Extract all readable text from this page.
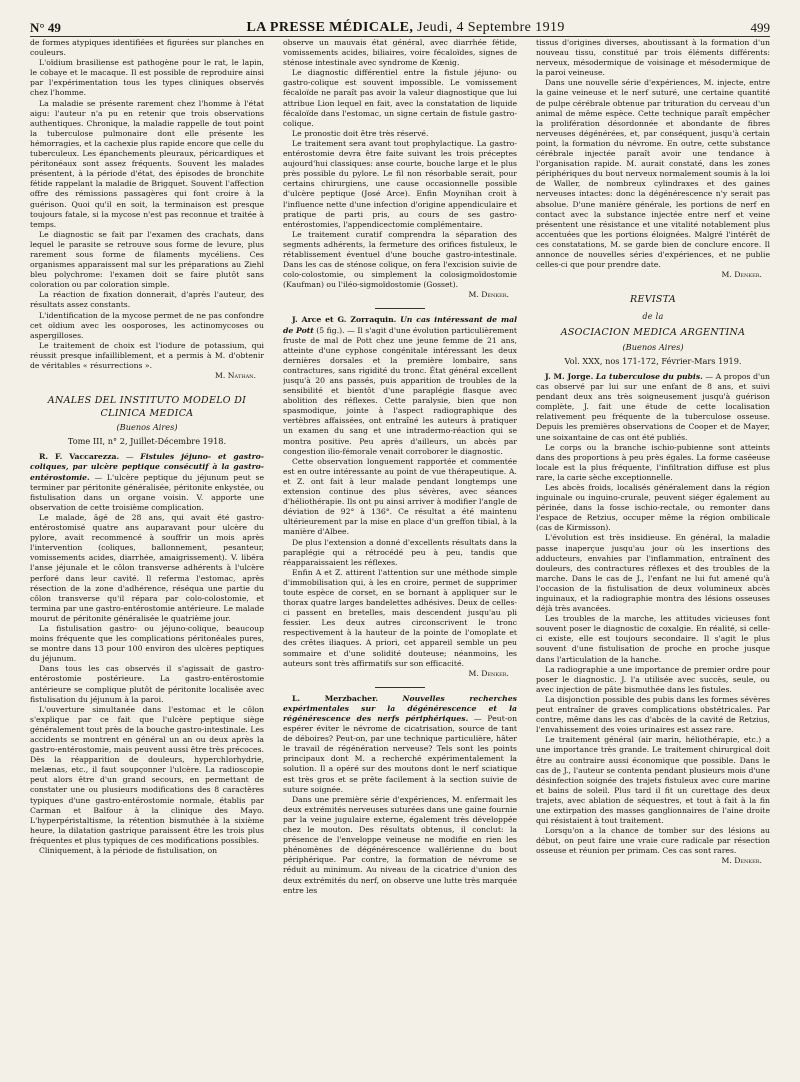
N° 49	LA PRESSE MÉDICALE, Jeudi, 4 Septembre 1919	499

de formes atypiques identifiées et figurées sur planches en couleurs.

L'oïdium brasiliense est pathogène pour le rat, le lapin, le cobaye et le macaque. Il est possible de reproduire ainsi par l'expérimentation tous les types cliniques observés chez l'homme.

La maladie se présente rarement chez l'homme à l'état aigu: l'auteur n'a pu en retenir que trois observations authentiques. Chronique, la maladie rappelle de tout point la tuberculose pulmonaire dont elle présente les hémorragies, et la cachexie plus rapide encore que celle du tuberculeux. Les épanchements pleuraux, péricardiques et péritonéaux sont assez fréquents. Souvent les malades présentent, à la période d'état, des épisodes de bronchite fétide rappelant la maladie de Brigquet. Souvent l'affection offre des rémissions passagères qui font croire à la guérison. Quoi qu'il en soit, la terminaison est presque toujours fatale, si la mycose n'est pas reconnue et traitée à temps.

Le diagnostic se fait par l'examen des crachats, dans lequel le parasite se retrouve sous forme de levure, plus rarement sous forme de filaments mycéliens. Ces organismes apparaissent mal sur les préparations au Ziehl bleu polychrome: l'examen doit se faire plutôt sans coloration ou par coloration simple.

La réaction de fixation donnerait, d'après l'auteur, des résultats assez constants.

L'identification de la mycose permet de ne pas confondre cet oïdium avec les oosporoses, les actinomycoses ou aspergilloses.

Le traitement de choix est l'iodure de potassium, qui réussit presque infailliblement, et a permis à M. d'obtenir de véritables « résurrections ».

M. Nathan.

ANALES DEL INSTITUTO MODELO DI CLINICA MEDICA
(Buenos Aires)
Tome III, n° 2, Juillet-Décembre 1918.

R. F. Vaccarezza. — Fistules jéjuno- et gastro-coliques, par ulcère peptique consécutif à la gastro-entérostomie. — L'ulcère peptique du jéjunum peut se terminer par péritonite généralisée, péritonite enkystée, ou fistulisation dans un organe voisin. V. apporte une observation de cette troisième complication.

Le malade, âgé de 28 ans, qui avait été gastro-entérostomisé quatre ans auparavant pour ulcère du pylore, avait recommencé à souffrir un mois après l'intervention (coliques, ballonnement, pesanteur, vomissements acides, diarrhée, amaigrissement). V. libéra l'anse jéjunale et le côlon transverse adhérents à l'ulcère perforé dans leur cavité. Il referma l'estomac, après résection de la zone d'adhérence, réséqua une partie du côlon transverse qu'il répara par colo-colostomie, et termina par une gastro-entérostomie antérieure. Le malade mourut de péritonite généralisée le quatrième jour.

La fistulisation gastro- ou jéjuno-colique, beaucoup moins fréquente que les complications péritonéales pures, se montre dans 13 pour 100 environ des ulcères peptiques du jéjunum.

Dans tous les cas observés il s'agissait de gastro-entérostomie postérieure. La gastro-entérostomie antérieure se complique plutôt de péritonite localisée avec fistulisation du jéjunum à la paroi.

L'ouverture simultanée dans l'estomac et le côlon s'explique par ce fait que l'ulcère peptique siège généralement tout près de la bouche gastro-intestinale. Les accidents se montrent en général un an ou deux après la gastro-entérostomie, mais peuvent aussi être très précoces. Dès la réapparition de douleurs, hyperchlorhydrie, melænas, etc., il faut soupçonner l'ulcère. La radioscopie peut alors être d'un grand secours, en permettant de constater une ou plusieurs modifications des 8 caractères typiques d'une gastro-entérostomie normale, établis par Carman et Balfour à la clinique des Mayo. L'hyperpéristaltisme, la rétention bismuthée à la sixième heure, la dilatation gastrique paraissent être les trois plus fréquentes et plus typiques de ces modifications possibles.

Cliniquement, à la période de fistulisation, on

observe un mauvais état général, avec diarrhée fétide, vomissements acides, biliaires, voire fécaloïdes, signes de sténose intestinale avec syndrome de Kœnig.

Le diagnostic différentiel entre la fistule jéjuno- ou gastro-colique est souvent impossible. Le vomissement fécaloïde ne paraît pas avoir la valeur diagnostique que lui attribue Lion lequel en fait, avec la constatation de liquide fécaloïde dans l'estomac, un signe certain de fistule gastro-colique.

Le pronostic doit être très réservé.

Le traitement sera avant tout prophylactique. La gastro-entérostomie devra être faite suivant les trois préceptes aujourd'hui classiques: anse courte, bouche large et le plus près possible du pylore. Le fil non résorbable serait, pour certains chirurgiens, une cause occasionnelle possible d'ulcère peptique (José Arce). Enfin Moynihan croit à l'influence nette d'une infection d'origine appendiculaire et pratique de parti pris, au cours de ses gastro-entérostomies, l'appendicectomie complémentaire.

Le traitement curatif comprendra la séparation des segments adhérents, la fermeture des orifices fistuleux, le rétablissement éventuel d'une bouche gastro-intestinale. Dans les cas de sténose colique, on fera l'excision suivie de colo-colostomie, ou simplement la colosigmoïdostomie (Kaufman) ou l'iléo-sigmoïdostomie (Gosset).

M. Denker.

J. Arce et G. Zorraquin. Un cas intéressant de mal de Pott (5 fig.). — Il s'agit d'une évolution particulièrement fruste de mal de Pott chez une jeune femme de 21 ans, atteinte d'une cyphose congénitale intéressant les deux dernières dorsales et la première lombaire, sans contractures, sans rigidité du tronc. État général excellent jusqu'à 20 ans passés, puis apparition de troubles de la sensibilité et bientôt d'une paraplégie flasque avec abolition des réflexes. Cette paralysie, bien que non spasmodique, jointe à l'aspect radiographique des vertèbres affaissées, ont entraîné les auteurs à pratiquer un examen du sang et une intradermo-réaction qui se montra positive. Peu après d'ailleurs, un abcès par congestion ilio-fémorale venait corroborer le diagnostic.

Cette observation longuement rapportée et commentée est en outre intéressante au point de vue thérapeutique. A. et Z. ont fait à leur malade pendant longtemps une extension continue des plus sévères, avec séances d'héliothérapie. Ils ont pu ainsi arriver à modifier l'angle de déviation de 92° à 136°. Ce résultat a été maintenu ultérieurement par la mise en place d'un greffon tibial, à la manière d'Albee.

De plus l'extension a donné d'excellents résultats dans la paraplégie qui a rétrocédé peu à peu, tandis que réapparaissaient les réflexes.

Enfin A et Z. attirent l'attention sur une méthode simple d'immobilisation qui, à les en croire, permet de supprimer toute espèce de corset, en se bornant à appliquer sur le thorax quatre larges bandelettes adhésives. Deux de celles-ci passent en bretelles, mais descendent jusqu'au pli fessier. Les deux autres circonscrivent le tronc respectivement à la hauteur de la pointe de l'omoplate et des crêtes iliaques. A priori, cet appareil semble un peu sommaire et d'une solidité douteuse; néanmoins, les auteurs sont très affirmatifs sur son efficacité.

M. Denker.

L. Merzbacher.	Nouvelles recherches expérimentales sur la dégénérescence et la régénérescence des nerfs périphériques. — Peut-on espérer éviter le névrome de cicatrisation, source de tant de déboires? Peut-on, par une technique particulière, hâter le travail de régénération nerveuse? Tels sont les points principaux dont M. a recherché expérimentalement la solution. Il a opéré sur des moutons dont le nerf sciatique est très gros et se prête facilement à la section suivie de suture soignée.

Dans une première série d'expériences, M. enfermait les deux extrémités nerveuses suturées dans une gaine fournie par la veine jugulaire externe, également très développée chez le mouton. Des résultats obtenus, il conclut: la présence de l'enveloppe veineuse ne modifie en rien les phénomènes de dégénérescence wallérienne du bout périphérique. Par contre, la formation de névrome se réduit au minimum. Au niveau de la cicatrice d'union des deux extrémités du nerf, on observe une lutte très marquée entre les

tissus d'origines diverses, aboutissant à la formation d'un nouveau tissu, constitué par trois éléments différents: nerveux, mésodermique de voisinage et mésodermique de la paroi veineuse.

Dans une nouvelle série d'expériences, M. injecte, entre la gaine veineuse et le nerf suturé, une certaine quantité de pulpe cérébrale obtenue par trituration du cerveau d'un animal de même espèce. Cette technique paraît empêcher la prolifération désordonnée et abondante de fibres nerveuses dégénérées, et, par conséquent, jusqu'à certain point, la formation du névrome. En outre, cette substance cérébrale injectée paraît avoir une tendance à l'organisation rapide. M. aurait constaté, dans les zones périphériques du bout nerveux normalement soumis à la loi de Waller, de nombreux cylindraxes et des gaines nerveuses intactes: donc la dégénérescence n'y serait pas absolue. D'une manière générale, les portions de nerf en contact avec la substance injectée entre nerf et veine présentent une résistance et une vitalité notablement plus accentuées que les portions éloignées. Malgré l'intérêt de ces constatations, M. se garde bien de conclure encore. Il annonce de nouvelles séries d'expériences, et ne publie celles-ci que pour prendre date.

M. Denker.

REVISTA
de la
ASOCIACION MEDICA ARGENTINA
(Buenos Aires)
Vol. XXX, nos 171-172, Février-Mars 1919.

J. M. Jorge. La tuberculose du pubis. — A propos d'un cas observé par lui sur une enfant de 8 ans, et suivi pendant deux ans très soigneusement jusqu'à guérison complète, J. fait une étude de cette localisation relativement peu fréquente de la tuberculose osseuse. Depuis les premières observations de Cooper et de Mayer, une soixantaine de cas ont été publiés.

Le corps ou la branche ischio-pubienne sont atteints dans des proportions à peu près égales. La forme caséeuse locale est la plus fréquente, l'infiltration diffuse est plus rare, la carie sèche exceptionnelle.

Les abcès froids, localisés généralement dans la région inguinale ou inguino-crurale, peuvent siéger également au périnée, dans la fosse ischio-rectale, ou remonter dans l'espace de Retzius, occuper même la région ombilicale (cas de Kirmisson).

L'évolution est très insidieuse. En général, la maladie passe inaperçue jusqu'au jour où les insertions des adducteurs, envahies par l'inflammation, entraînent des douleurs, des contractures réflexes et des troubles de la marche. Dans le cas de J., l'enfant ne lui fut amené qu'à l'occasion de la fistulisation de deux volumineux abcès inguinaux, et la radiographie montra des lésions osseuses déjà très avancées.

Les troubles de la marche, les attitudes vicieuses font souvent poser le diagnostic de coxalgie. En réalité, si celle-ci existe, elle est toujours secondaire. Il s'agit le plus souvent d'une fistulisation de proche en proche jusque dans l'articulation de la hanche.

La radiographie a une importance de premier ordre pour poser le diagnostic. J. l'a utilisée avec succès, seule, ou avec injection de pâte bismuthée dans les fistules.

La disjonction possible des pubis dans les formes sévères peut entraîner de graves complications obstétricales. Par contre, même dans les cas d'abcès de la cavité de Retzius, l'envahissement des voies urinaires est assez rare.

Le traitement général (air marin, héliothérapie, etc.) a une importance très grande. Le traitement chirurgical doit être au contraire aussi économique que possible. Dans le cas de J., l'auteur se contenta pendant plusieurs mois d'une désinfection soignée des trajets fistuleux avec cure marine et bains de soleil. Plus tard il fit un curettage des deux trajets, avec ablation de séquestres, et tout à fait à la fin une extirpation des masses ganglionnaires de l'aine droite qui résistaient à tout traitement.

Lorsqu'on a la chance de tomber sur des lésions au début, on peut faire une vraie cure radicale par résection osseuse et réunion per primam. Ces cas sont rares.

M. Denker.
